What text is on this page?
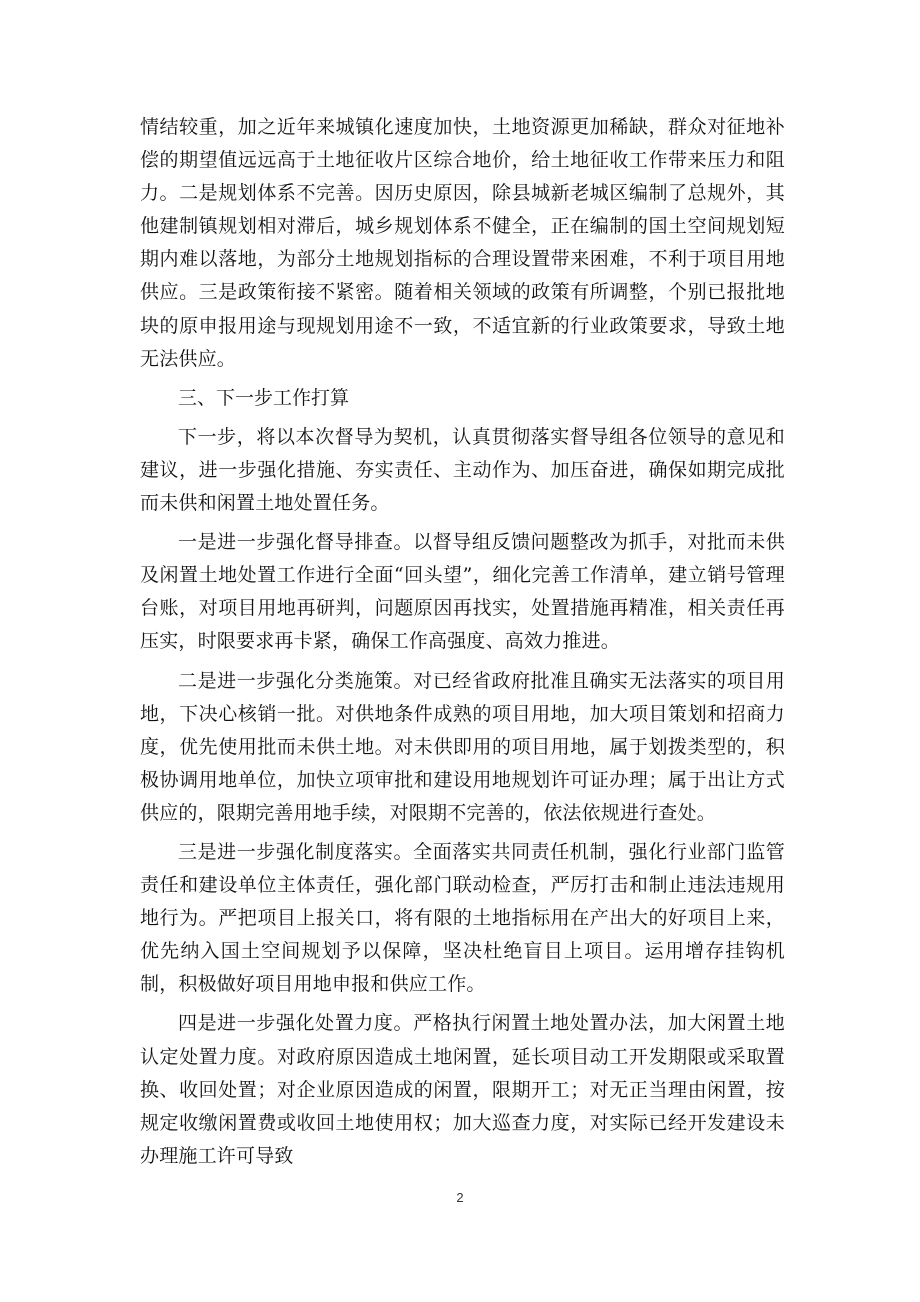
情结较重，加之近年来城镇化速度加快，土地资源更加稀缺，群众对征地补偿的期望值远远高于土地征收片区综合地价，给土地征收工作带来压力和阻力。二是规划体系不完善。因历史原因，除县城新老城区编制了总规外，其他建制镇规划相对滞后，城乡规划体系不健全，正在编制的国土空间规划短期内难以落地，为部分土地规划指标的合理设置带来困难，不利于项目用地供应。三是政策衔接不紧密。随着相关领域的政策有所调整，个别已报批地块的原申报用途与现规划用途不一致，不适宜新的行业政策要求，导致土地无法供应。

三、下一步工作打算

下一步，将以本次督导为契机，认真贯彻落实督导组各位领导的意见和建议，进一步强化措施、夯实责任、主动作为、加压奋进，确保如期完成批而未供和闲置土地处置任务。

一是进一步强化督导排查。以督导组反馈问题整改为抓手，对批而未供及闲置土地处置工作进行全面“回头望”，细化完善工作清单，建立销号管理台账，对项目用地再研判，问题原因再找实，处置措施再精准，相关责任再压实，时限要求再卡紧，确保工作高强度、高效力推进。

二是进一步强化分类施策。对已经省政府批准且确实无法落实的项目用地，下决心核销一批。对供地条件成熟的项目用地，加大项目策划和招商力度，优先使用批而未供土地。对未供即用的项目用地，属于划拨类型的，积极协调用地单位，加快立项审批和建设用地规划许可证办理；属于出让方式供应的，限期完善用地手续，对限期不完善的，依法依规进行查处。

三是进一步强化制度落实。全面落实共同责任机制，强化行业部门监管责任和建设单位主体责任，强化部门联动检查，严厉打击和制止违法违规用地行为。严把项目上报关口，将有限的土地指标用在产出大的好项目上来，优先纳入国土空间规划予以保障，坚决杜绝盲目上项目。运用增存挂钩机制，积极做好项目用地申报和供应工作。

四是进一步强化处置力度。严格执行闲置土地处置办法，加大闲置土地认定处置力度。对政府原因造成土地闲置，延长项目动工开发期限或采取置换、收回处置；对企业原因造成的闲置，限期开工；对无正当理由闲置，按规定收缴闲置费或收回土地使用权；加大巡查力度，对实际已经开发建设未办理施工许可导致

2
